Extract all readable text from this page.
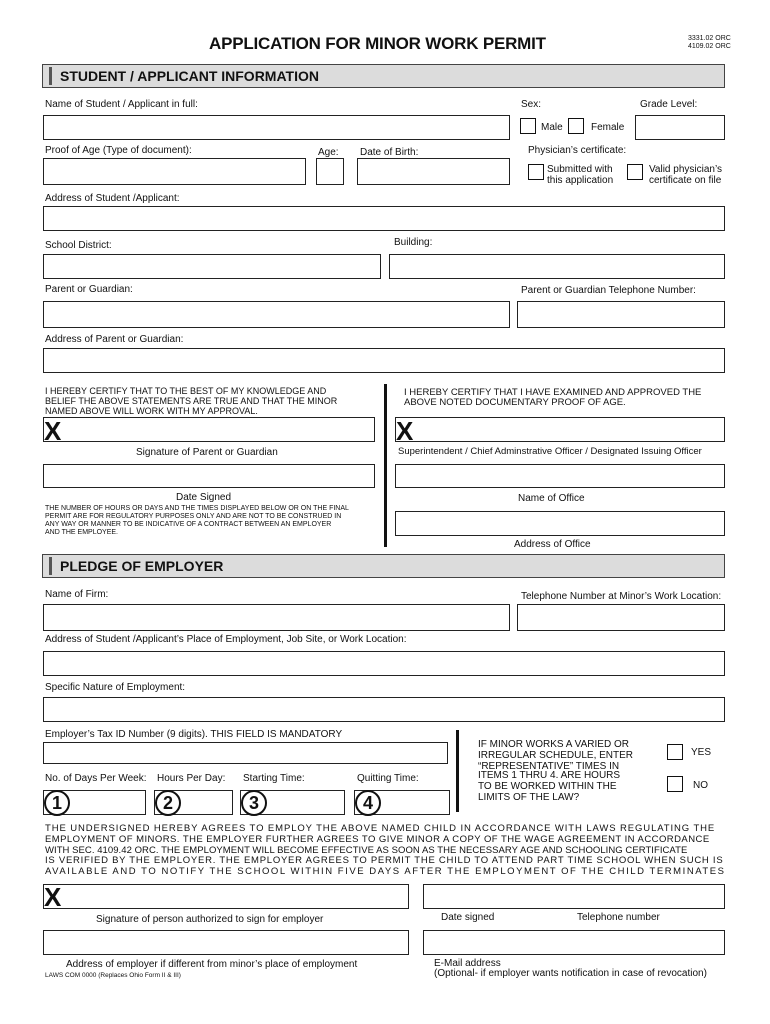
APPLICATION FOR MINOR WORK PERMIT	3331.02 ORC
4109.02 ORC
STUDENT / APPLICANT INFORMATION
Name of Student / Applicant in full:	Sex:	Grade Level:
Male	Female
Proof of Age (Type of document):	Age: Date of Birth:	Physician’s certificate:
Submitted with
this application
Valid physician’s
certificate on file
Address of Student /Applicant:
School District:	Building:
Parent or Guardian:	Parent or Guardian Telephone Number:
Address of Parent or Guardian:
I HEREBY CERTIFY THAT TO THE BEST OF MY KNOWLEDGE AND
BELIEF THE ABOVE STATEMENTS ARE TRUE AND THAT THE MINOR
NAMED ABOVE WILL WORK WITH MY APPROVAL.
I HEREBY CERTIFY THAT I HAVE EXAMINED AND APPROVED THE
ABOVE NOTED DOCUMENTARY PROOF OF AGE.
X	X
Signature of Parent or Guardian	Superintendent / Chief Adminstrative Officer / Designated Issuing Officer
Date Signed	Name of Office
THE NUMBER OF HOURS OR DAYS AND THE TIMES DISPLAYED BELOW OR ON THE FINAL
PERMIT ARE FOR REGULATORY PURPOSES ONLY AND ARE NOT TO BE CONSTRUED IN
ANY WAY OR MANNER TO BE INDICATIVE OF A CONTRACT BETWEEN AN EMPLOYER
AND THE EMPLOYEE.
Address of Office
PLEDGE OF EMPLOYER
Name of Firm:	Telephone Number at Minor’s Work Location:
Address of Student /Applicant’s Place of Employment, Job Site, or Work Location:
Specific Nature of Employment:
Employer’s Tax ID Number (9 digits). THIS FIELD IS MANDATORY
IF MINOR WORKS A VARIED OR
IRREGULAR SCHEDULE, ENTER
“REPRESENTATIVE” TIMES IN
ITEMS 1 THRU 4. ARE HOURS
TO BE WORKED WITHIN THE
LIMITS OF THE LAW?
YES
NO
No. of Days Per Week: Hours Per Day: Starting Time:	Quitting Time:
1	2	3	4
THE UNDERSIGNED HEREBY AGREES TO EMPLOY THE ABOVE NAMED CHILD IN ACCORDANCE WITH LAWS REGULATING THE
EMPLOYMENT OF MINORS. THE EMPLOYER FURTHER AGREES TO GIVE MINOR A COPY OF THE WAGE AGREEMENT IN ACCORDANCE
WITH SEC. 4109.42 ORC. THE EMPLOYMENT WILL BECOME EFFECTIVE AS SOON AS THE NECESSARY AGE AND SCHOOLING CERTIFICATE
IS VERIFIED BY THE EMPLOYER. THE EMPLOYER AGREES TO PERMIT THE CHILD TO ATTEND PART TIME SCHOOL WHEN SUCH IS
AVAILABLE AND TO NOTIFY THE SCHOOL WITHIN FIVE DAYS AFTER THE EMPLOYMENT OF THE CHILD TERMINATES
X
Signature of person authorized to sign for employer	Date signed	Telephone number
Address of employer if different from minor’s place of employment	E-Mail address
(Optional- if employer wants notification in case of revocation)
LAWS COM 0000 (Replaces Ohio Form II & III)
